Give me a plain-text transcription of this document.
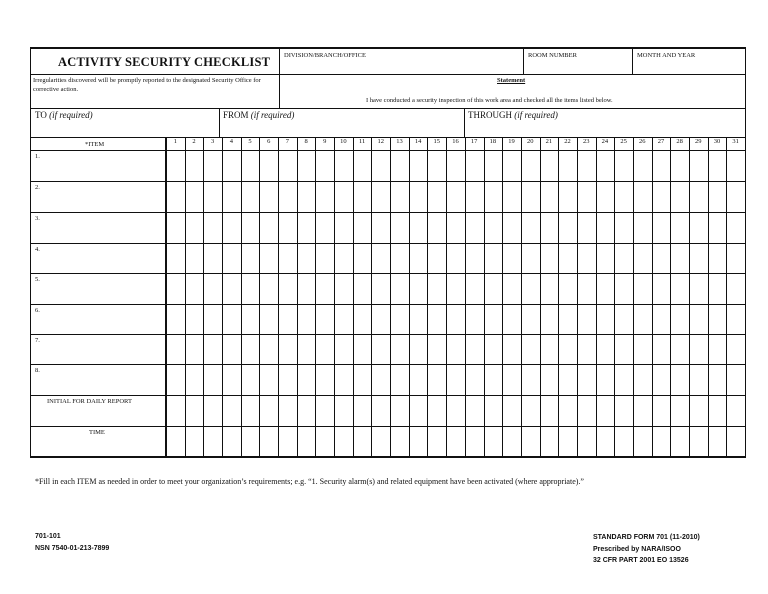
ACTIVITY SECURITY CHECKLIST DIVISION/BRANCH/OFFICE	ROOM NUMBER	MONTH AND YEAR
Irregularities discovered will be promptly reported to the designated Security Office for corrective action.
Statement
I have conducted a security inspection of this work area and checked all the items listed below.
TO (if required)	FROM (if required)	THROUGH (if required)
*ITEM	1	2	3	4	5	6	7	8	9	10	11	12	13	14	15	16	17	18	19	20	21	22	23	24	25	26	27	28	29	30	31
1.
2.
3.
4.
5.
6.
7.
8.
INITIAL FOR DAILY REPORT
TIME
*Fill in each ITEM as needed in order to meet your organization’s requirements; e.g. “1. Security alarm(s) and related equipment have been activated (where appropriate).”
701-101
NSN 7540-01-213-7899
STANDARD FORM 701 (11-2010)
Prescribed by NARA/ISOO
32 CFR PART 2001 EO 13526
